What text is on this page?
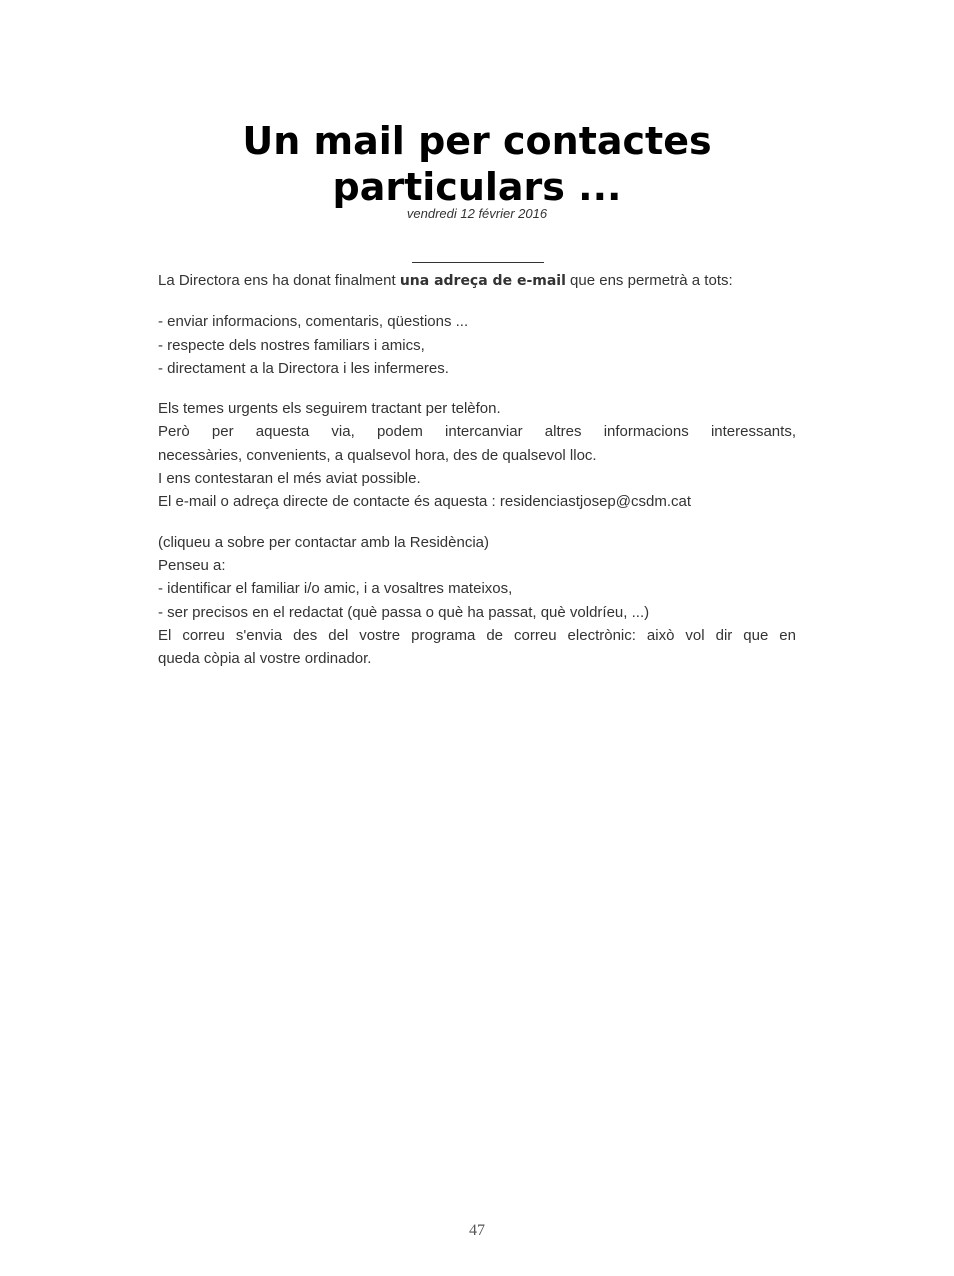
Un mail per contactes
particulars ...
vendredi 12 février 2016

La Directora ens ha donat finalment una adreça de e-mail que ens permetrà a tots:

- enviar informacions, comentaris, qüestions ...
- respecte dels nostres familiars i amics,
- directament a la Directora i les infermeres.

Els temes urgents els seguirem tractant per telèfon.
Però per aquesta via, podem intercanviar altres informacions interessants,
necessàries, convenients, a qualsevol hora, des de qualsevol lloc.
I ens contestaran el més aviat possible.
El e-mail o adreça directe de contacte és aquesta : residenciastjosep@csdm.cat

(cliqueu a sobre per contactar amb la Residència)
Penseu a:
- identificar el familiar i/o amic, i a vosaltres mateixos,
- ser precisos en el redactat (què passa o què ha passat, què voldríeu, ...)
El correu s'envia des del vostre programa de correu electrònic: això vol dir que en
queda còpia al vostre ordinador.

47
